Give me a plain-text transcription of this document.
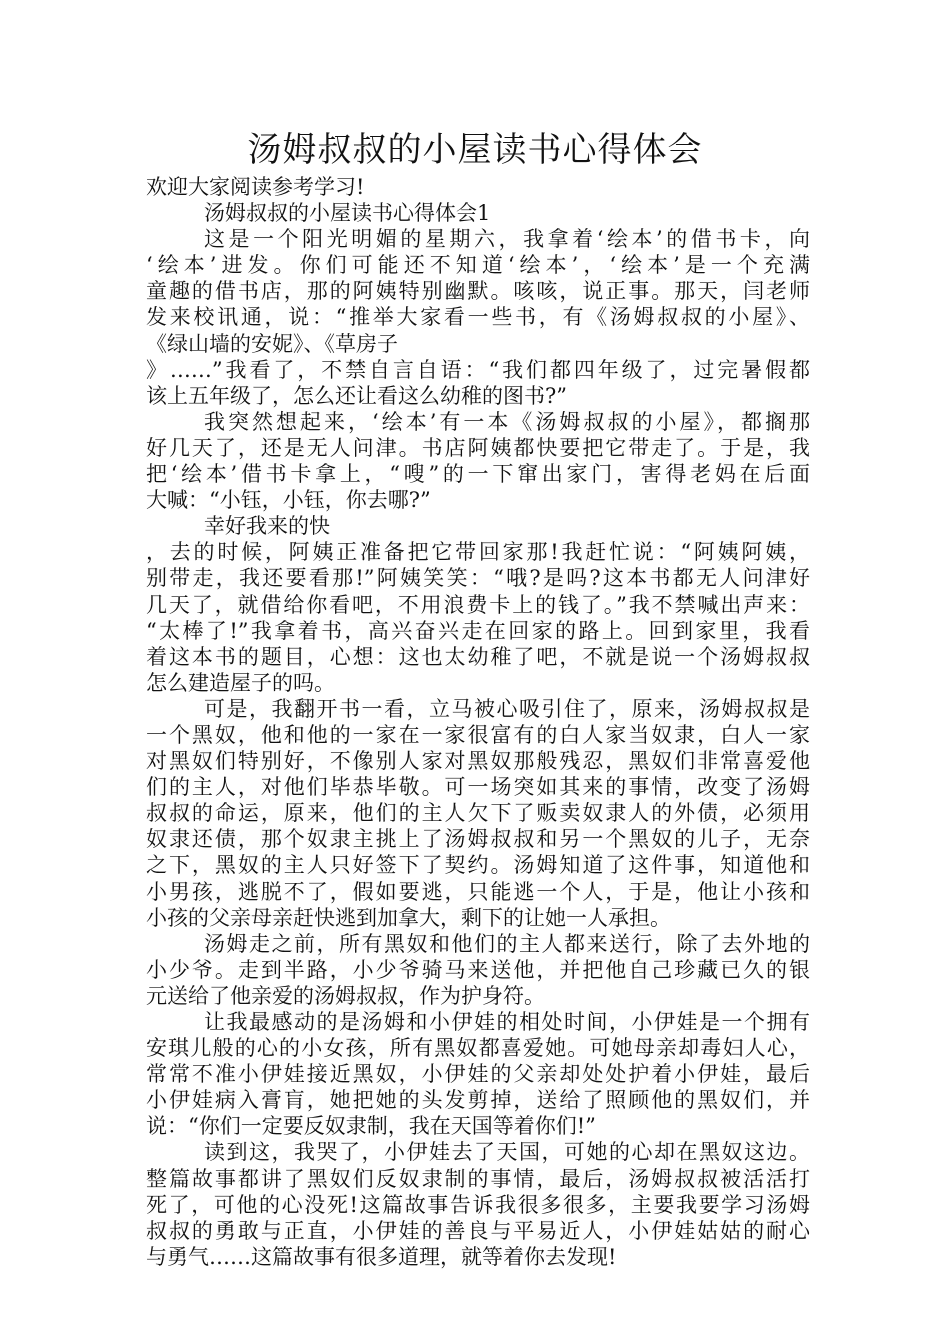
汤姆叔叔的小屋读书心得体会
欢迎大家阅读参考学习!
汤姆叔叔的小屋读书心得体会1
这是一个阳光明媚的星期六，我拿着‘绘本’的借书卡，向
‘绘本’进发。你们可能还不知道‘绘本’，‘绘本’是一个充满
童趣的借书店，那的阿姨特别幽默。咳咳，说正事。那天，闫老师
发来校讯通，说：“推举大家看一些书，有《汤姆叔叔的小屋》、
《绿山墙的安妮》、《草房子
》……”我看了，不禁自言自语：“我们都四年级了，过完暑假都
该上五年级了，怎么还让看这么幼稚的图书?”
我突然想起来，‘绘本’有一本《汤姆叔叔的小屋》，都搁那
好几天了，还是无人问津。书店阿姨都快要把它带走了。于是，我
把‘绘本’借书卡拿上，“嗖”的一下窜出家门，害得老妈在后面
大喊：“小钰，小钰，你去哪?”
幸好我来的快
，去的时候，阿姨正准备把它带回家那!我赶忙说：“阿姨阿姨，
别带走，我还要看那!”阿姨笑笑：“哦?是吗?这本书都无人问津好
几天了，就借给你看吧，不用浪费卡上的钱了。”我不禁喊出声来：
“太棒了!”我拿着书，高兴奋兴走在回家的路上。回到家里，我看
着这本书的题目，心想：这也太幼稚了吧，不就是说一个汤姆叔叔
怎么建造屋子的吗。
可是，我翻开书一看，立马被心吸引住了，原来，汤姆叔叔是
一个黑奴，他和他的一家在一家很富有的白人家当奴隶，白人一家
对黑奴们特别好，不像别人家对黑奴那般残忍，黑奴们非常喜爱他
们的主人，对他们毕恭毕敬。可一场突如其来的事情，改变了汤姆
叔叔的命运，原来，他们的主人欠下了贩卖奴隶人的外债，必须用
奴隶还债，那个奴隶主挑上了汤姆叔叔和另一个黑奴的儿子，无奈
之下，黑奴的主人只好签下了契约。汤姆知道了这件事，知道他和
小男孩，逃脱不了，假如要逃，只能逃一个人，于是，他让小孩和
小孩的父亲母亲赶快逃到加拿大，剩下的让她一人承担。
汤姆走之前，所有黑奴和他们的主人都来送行，除了去外地的
小少爷。走到半路，小少爷骑马来送他，并把他自己珍藏已久的银
元送给了他亲爱的汤姆叔叔，作为护身符。
让我最感动的是汤姆和小伊娃的相处时间，小伊娃是一个拥有
安琪儿般的心的小女孩，所有黑奴都喜爱她。可她母亲却毒妇人心，
常常不准小伊娃接近黑奴，小伊娃的父亲却处处护着小伊娃，最后
小伊娃病入膏肓，她把她的头发剪掉，送给了照顾他的黑奴们，并
说：“你们一定要反奴隶制，我在天国等着你们!”
读到这，我哭了，小伊娃去了天国，可她的心却在黑奴这边。
整篇故事都讲了黑奴们反奴隶制的事情，最后，汤姆叔叔被活活打
死了，可他的心没死!这篇故事告诉我很多很多，主要我要学习汤姆
叔叔的勇敢与正直，小伊娃的善良与平易近人，小伊娃姑姑的耐心
与勇气……这篇故事有很多道理，就等着你去发现!
